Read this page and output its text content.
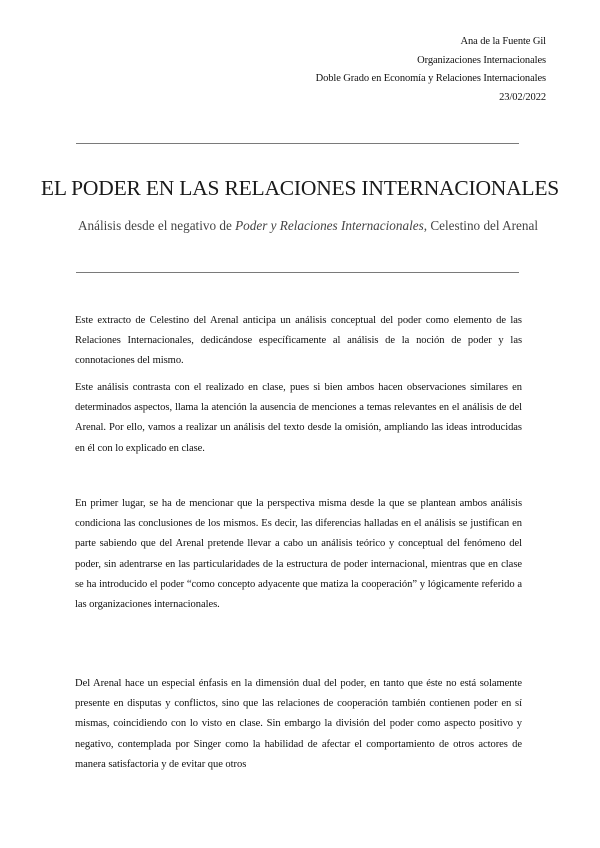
Ana de la Fuente Gil
Organizaciones Internacionales
Doble Grado en Economía y Relaciones Internacionales
23/02/2022
EL PODER EN LAS RELACIONES INTERNACIONALES
Análisis desde el negativo de Poder y Relaciones Internacionales, Celestino del Arenal

Este extracto de Celestino del Arenal anticipa un análisis conceptual del poder como elemento de las Relaciones Internacionales, dedicándose específicamente al análisis de la noción de poder y las connotaciones del mismo.

Este análisis contrasta con el realizado en clase, pues si bien ambos hacen observaciones similares en determinados aspectos, llama la atención la ausencia de menciones a temas relevantes en el análisis de del Arenal. Por ello, vamos a realizar un análisis del texto desde la omisión, ampliando las ideas introducidas en él con lo explicado en clase.

En primer lugar, se ha de mencionar que la perspectiva misma desde la que se plantean ambos análisis condiciona las conclusiones de los mismos. Es decir, las diferencias halladas en el análisis se justifican en parte sabiendo que del Arenal pretende llevar a cabo un análisis teórico y conceptual del fenómeno del poder, sin adentrarse en las particularidades de la estructura de poder internacional, mientras que en clase se ha introducido el poder “como concepto adyacente que matiza la cooperación” y lógicamente referido a las organizaciones internacionales.

Del Arenal hace un especial énfasis en la dimensión dual del poder, en tanto que éste no está solamente presente en disputas y conflictos, sino que las relaciones de cooperación también contienen poder en sí mismas, coincidiendo con lo visto en clase. Sin embargo la división del poder como aspecto positivo y negativo, contemplada por Singer como la habilidad de afectar el comportamiento de otros actores de manera satisfactoria y de evitar que otros
